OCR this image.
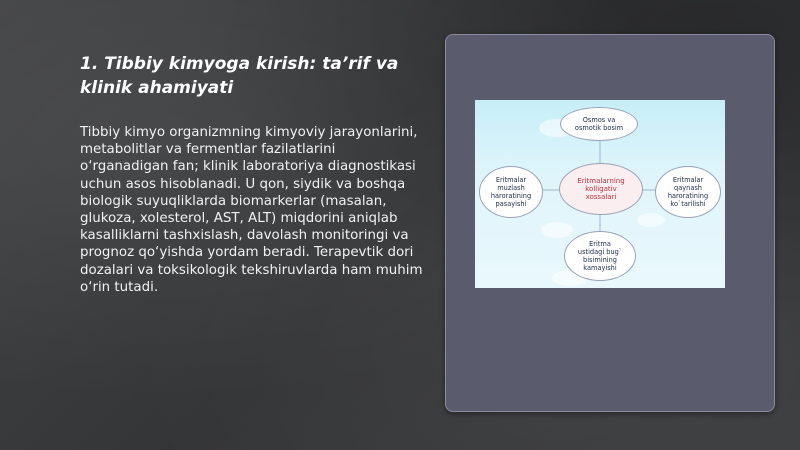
1. Tibbiy kimyoga kirish: ta’rif va klinik ahamiyati

Tibbiy kimyo organizmning kimyoviy jarayonlarini, metabolitlar va fermentlar fazilatlarini o‘rganadigan fan; klinik laboratoriya diagnostikasi uchun asos hisoblanadi. U qon, siydik va boshqa biologik suyuqliklarda biomarkerlar (masalan, glukoza, xolesterol, AST, ALT) miqdorini aniqlab kasalliklarni tashxislash, davolash monitoringi va prognoz qo‘yishda yordam beradi. Terapevtik dori dozalari va toksikologik tekshiruvlarda ham muhim o‘rin tutadi.

Osmos va
osmotik bosim
Eritmalarning
kolligativ
xossalari
Eritmalar
muzlash
haroratining
pasayishi
Eritmalar
qaynash
haroratining
ko`tarilishi
Eritma
ustidagi bug`
bisimining
kamayishi
